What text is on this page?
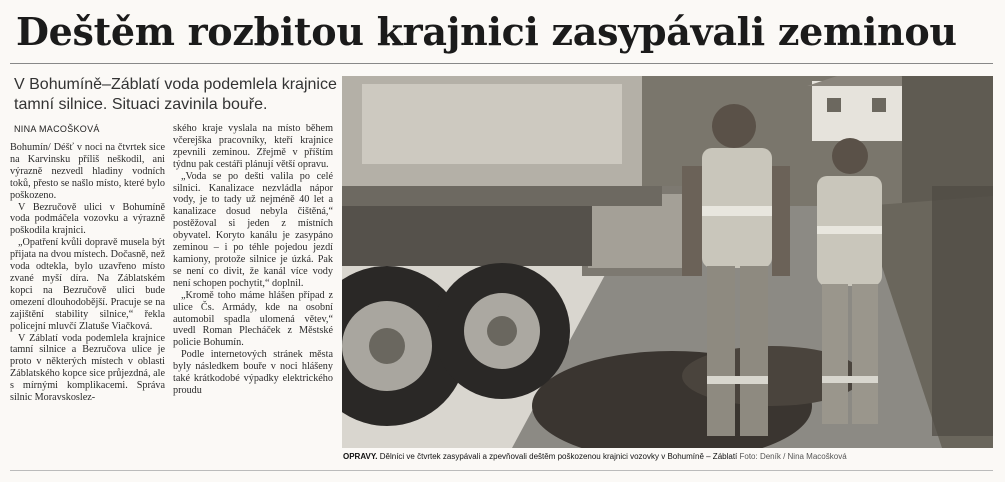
Deštěm rozbitou krajnici zasypávali zeminou
V Bohumíně–Záblatí voda podemlela krajnice tamní silnice. Situaci zavinila bouře.
NINA MACOŠKOVÁ

Bohumín/ Déšť v noci na čtvrtek sice na Karvinsku příliš neškodil, ani výrazně nezvedl hladiny vodních toků, přesto se našlo místo, které bylo poškozeno.

V Bezručově ulici v Bohumíně voda podmáčela vozovku a výrazně poškodila krajnici.

„Opatření kvůli dopravě musela být přijata na dvou místech. Dočasně, než voda odtekla, bylo uzavřeno místo zvané myší díra. Na Záblatském kopci na Bezručově ulici bude omezení dlouhodobější. Pracuje se na zajištění stability silnice,“ řekla policejní mluvčí Zlatuše Viačková.

V Záblatí voda podemlela krajnice tamní silnice a Bezručova ulice je proto v některých místech v oblasti Záblatského kopce sice průjezdná, ale s mírnými komplikacemi. Správa silnic Moravskoslez-

ského kraje vyslala na místo během včerejška pracovníky, kteří krajnice zpevnili zeminou. Zřejmě v příštím týdnu pak cestáři plánují větší opravu.

„Voda se po dešti valila po celé silnici. Kanalizace nezvládla nápor vody, je to tady už nejméně 40 let a kanalizace dosud nebyla čištěná,“ postěžoval si jeden z místních obyvatel. Koryto kanálu je zasypáno zeminou – i po téhle pojedou jezdí kamiony, protože silnice je úzká. Pak se není co divit, že kanál více vody není schopen pochytit,“ doplnil.

„Kromě toho máme hlášen případ z ulice Čs. Armády, kde na osobní automobil spadla ulomená větev,“ uvedl Roman Plecháček z Městské policie Bohumín.

Podle internetových stránek města byly následkem bouře v noci hlášeny také krátkodobé výpadky elektrického proudu

OPRAVY. Dělníci ve čtvrtek zasypávali a zpevňovali deštěm poškozenou krajnici vozovky v Bohumíně – Záblatí Foto: Deník / Nina Macošková
